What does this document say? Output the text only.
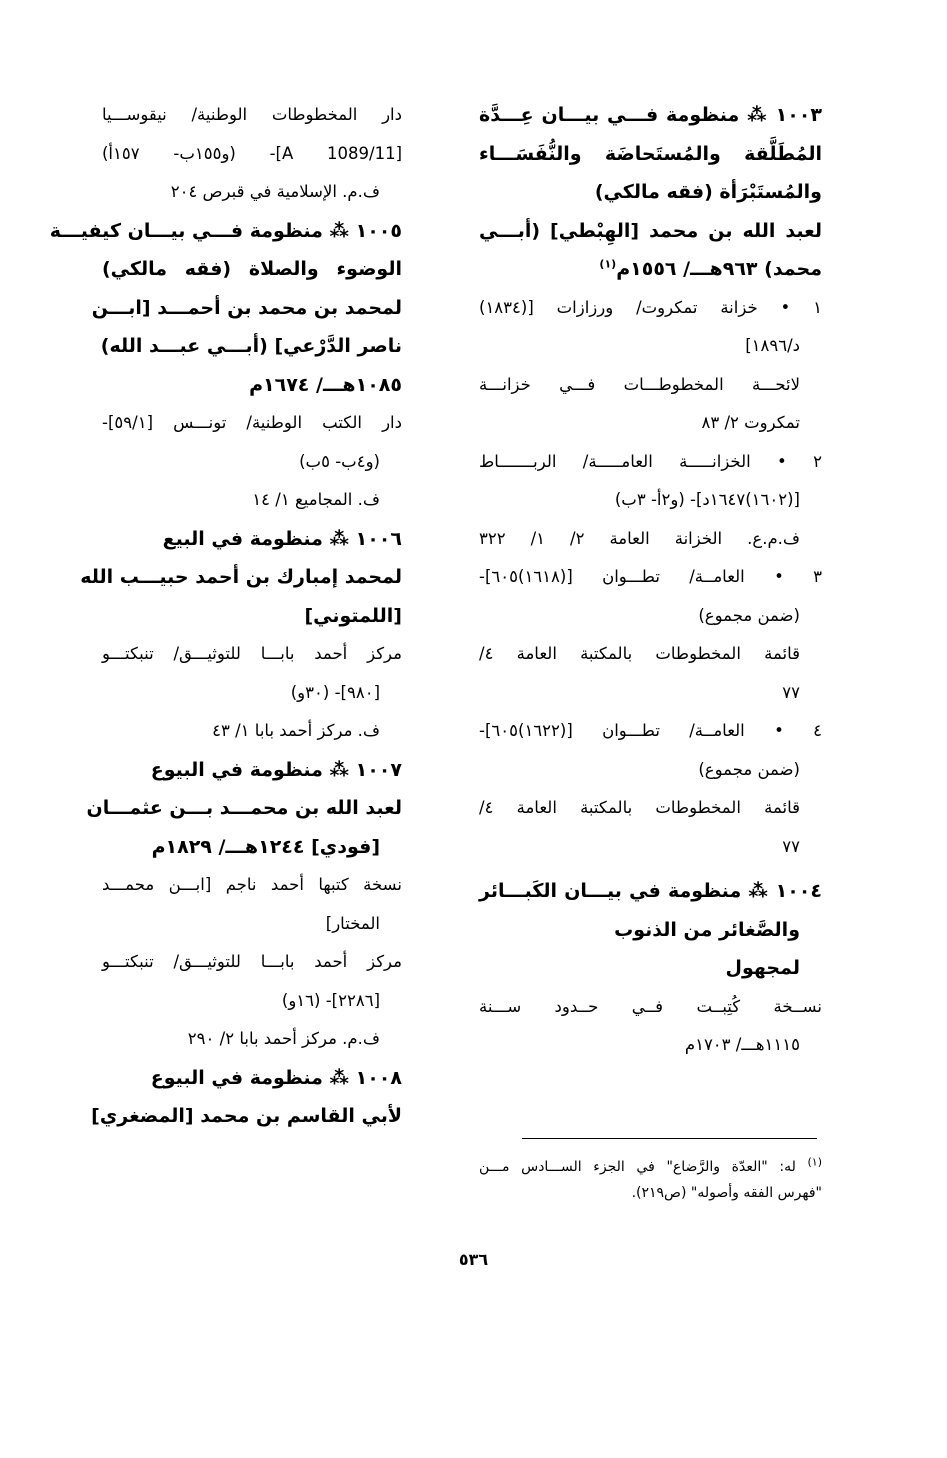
١٠٠٣ ⁂ منظومة فـــي بيـــان عِـــدَّة
المُطَلَّقة والمُستَحاضَة والنُّفَسَـــاء
والمُستَبْرَأة (فقه مالكي)
لعبد الله بن محمد [الهِبْطي] (أبـــي
محمد) ٩٦٣هـــ/ ١٥٥٦م$^{(١)}$
١ • خزانة تمكروت/ ورزازات [(١٨٣٤)
د/١٨٩٦]
لائحـــة المخطوطـــات فـــي خزانـــة
تمكروت ٢/ ٨٣
٢ • الخزانـــــة العامـــــة/ الربـــــــاط
[(١٦٠٢)١٦٤٧د]- (و٢أ- ٣ب)
ف.م.ع. الخزانة العامة ٢/ ١/ ٣٢٢
٣ • العامــة/ تطـــوان [(١٦١٨)٦٠٥]-
(ضمن مجموع)
قائمة المخطوطات بالمكتبة العامة ٤/
٧٧
٤ • العامــة/ تطـــوان [(١٦٢٢)٦٠٥]-
(ضمن مجموع)
قائمة المخطوطات بالمكتبة العامة ٤/
٧٧
١٠٠٤ ⁂ منظومة في بيـــان الكَبـــائر
والصَّغائر من الذنوب
لمجهول
نســخة كُتِبــت فــي حــدود ســـنة
١١١٥هـــ/ ١٧٠٣م
دار المخطوطات الوطنية/ نيقوســـيا
[A 1089/11]- (و١٥٥ب- ١٥٧أ)
ف.م. الإسلامية في قبرص ٢٠٤
١٠٠٥ ⁂ منظومة فـــي بيـــان كيفيـــة
الوضوء والصلاة (فقه مالكي)
لمحمد بن محمد بن أحمـــد [ابـــن
ناصر الدَّرْعي] (أبـــي عبـــد الله)
١٠٨٥هـــ/ ١٦٧٤م
دار الكتب الوطنية/ تونـــس [٥٩/١]-
(و٤ب- ٥ب)
ف. المجاميع ١/ ١٤
١٠٠٦ ⁂ منظومة في البيع
لمحمد إمبارك بن أحمد حبيـــب الله
[اللمتوني]
مركز أحمد بابـــا للتوثيـــق/ تنبكتـــو
[٩٨٠]- (٣٠و)
ف. مركز أحمد بابا ١/ ٤٣
١٠٠٧ ⁂ منظومة في البيوع
لعبد الله بن محمـــد بـــن عثمـــان
[فودي] ١٢٤٤هـــ/ ١٨٢٩م
نسخة كتبها أحمد ناجم [ابـــن محمـــد
المختار]
مركز أحمد بابـــا للتوثيـــق/ تنبكتـــو
[٢٢٨٦]- (١٦و)
ف.م. مركز أحمد بابا ٢/ ٢٩٠
١٠٠٨ ⁂ منظومة في البيوع
لأبي القاسم بن محمد [المضغري]
$^{(١)}$ له: "العدّة والرَّضاع" في الجزء الســـادس مـــن
"فهرس الفقه وأصوله" (ص٢١٩).
٥٣٦
